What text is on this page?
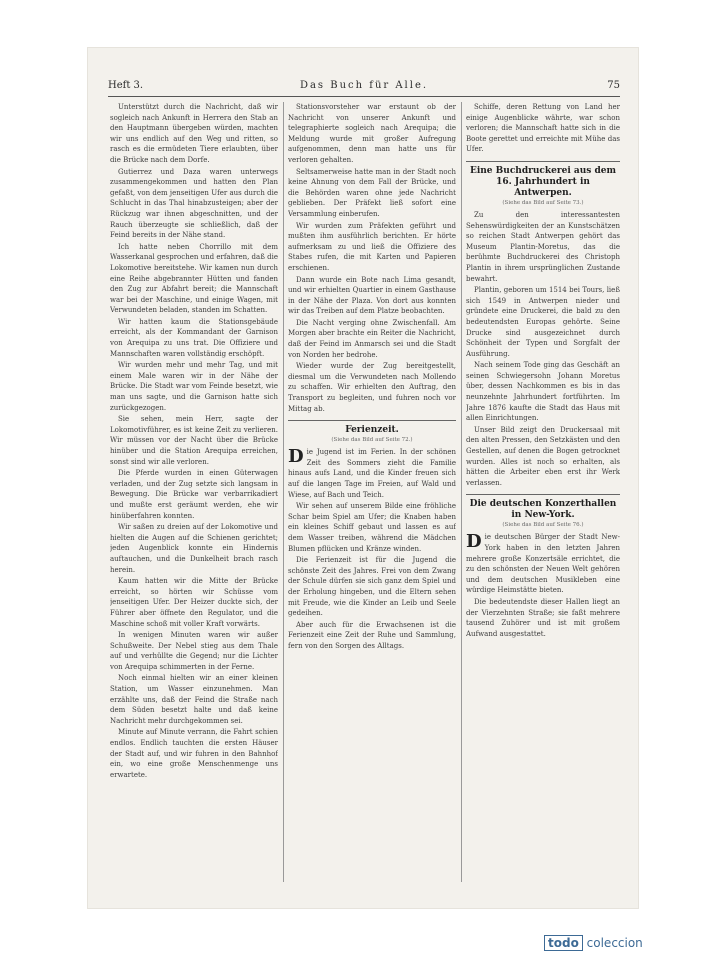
Heft 3.	Das Buch für Alle.	75

Unterstützt durch die Nachricht, daß wir sogleich nach Ankunft in Herrera den Stab an den Hauptmann übergeben würden, machten wir uns endlich auf den Weg und ritten, so rasch es die ermüdeten Tiere erlaubten, über die Brücke nach dem Dorfe.

Gutierrez und Daza waren unterwegs zusammengekommen und hatten den Plan gefaßt, von dem jenseitigen Ufer aus durch die Schlucht in das Thal hinabzusteigen; aber der Rückzug war ihnen abgeschnitten, und der Rauch überzeugte sie schließlich, daß der Feind bereits in der Nähe stand.

Ich hatte neben Chorrillo mit dem Wasserkanal gesprochen und erfahren, daß die Lokomotive bereitstehe. Wir kamen nun durch eine Reihe abgebrannter Hütten und fanden den Zug zur Abfahrt bereit; die Mannschaft war bei der Maschine, und einige Wagen, mit Verwundeten beladen, standen im Schatten.

Wir hatten kaum die Stationsgebäude erreicht, als der Kommandant der Garnison von Arequipa zu uns trat. Die Offiziere und Mannschaften waren vollständig erschöpft.

Wir wurden mehr und mehr Tag, und mit einem Male waren wir in der Nähe der Brücke. Die Stadt war vom Feinde besetzt, wie man uns sagte, und die Garnison hatte sich zurückgezogen.

Sie sehen, mein Herr, sagte der Lokomotivführer, es ist keine Zeit zu verlieren. Wir müssen vor der Nacht über die Brücke hinüber und die Station Arequipa erreichen, sonst sind wir alle verloren.

Die Pferde wurden in einen Güterwagen verladen, und der Zug setzte sich langsam in Bewegung. Die Brücke war verbarrikadiert und mußte erst geräumt werden, ehe wir hinüberfahren konnten.

Wir saßen zu dreien auf der Lokomotive und hielten die Augen auf die Schienen gerichtet; jeden Augenblick konnte ein Hindernis auftauchen, und die Dunkelheit brach rasch herein.

Kaum hatten wir die Mitte der Brücke erreicht, so hörten wir Schüsse vom jenseitigen Ufer. Der Heizer duckte sich, der Führer aber öffnete den Regulator, und die Maschine schoß mit voller Kraft vorwärts.

In wenigen Minuten waren wir außer Schußweite. Der Nebel stieg aus dem Thale auf und verhüllte die Gegend; nur die Lichter von Arequipa schimmerten in der Ferne.

Noch einmal hielten wir an einer kleinen Station, um Wasser einzunehmen. Man erzählte uns, daß der Feind die Straße nach dem Süden besetzt halte und daß keine Nachricht mehr durchgekommen sei.

Minute auf Minute verrann, die Fahrt schien endlos. Endlich tauchten die ersten Häuser der Stadt auf, und wir fuhren in den Bahnhof ein, wo eine große Menschenmenge uns erwartete.

Stationsvorsteher war erstaunt ob der Nachricht von unserer Ankunft und telegraphierte sogleich nach Arequipa; die Meldung wurde mit großer Aufregung aufgenommen, denn man hatte uns für verloren gehalten.

Seltsamerweise hatte man in der Stadt noch keine Ahnung von dem Fall der Brücke, und die Behörden waren ohne jede Nachricht geblieben. Der Präfekt ließ sofort eine Versammlung einberufen.

Wir wurden zum Präfekten geführt und mußten ihm ausführlich berichten. Er hörte aufmerksam zu und ließ die Offiziere des Stabes rufen, die mit Karten und Papieren erschienen.

Dann wurde ein Bote nach Lima gesandt, und wir erhielten Quartier in einem Gasthause in der Nähe der Plaza. Von dort aus konnten wir das Treiben auf dem Platze beobachten.

Die Nacht verging ohne Zwischenfall. Am Morgen aber brachte ein Reiter die Nachricht, daß der Feind im Anmarsch sei und die Stadt von Norden her bedrohe.

Wieder wurde der Zug bereitgestellt, diesmal um die Verwundeten nach Mollendo zu schaffen. Wir erhielten den Auftrag, den Transport zu begleiten, und fuhren noch vor Mittag ab.

Ferienzeit.
(Siehe das Bild auf Seite 72.)

Die Jugend ist im Ferien. In der schönen Zeit des Sommers zieht die Familie hinaus aufs Land, und die Kinder freuen sich auf die langen Tage im Freien, auf Wald und Wiese, auf Bach und Teich.

Wir sehen auf unserem Bilde eine fröhliche Schar beim Spiel am Ufer; die Knaben haben ein kleines Schiff gebaut und lassen es auf dem Wasser treiben, während die Mädchen Blumen pflücken und Kränze winden.

Die Ferienzeit ist für die Jugend die schönste Zeit des Jahres. Frei von dem Zwang der Schule dürfen sie sich ganz dem Spiel und der Erholung hingeben, und die Eltern sehen mit Freude, wie die Kinder an Leib und Seele gedeihen.

Aber auch für die Erwachsenen ist die Ferienzeit eine Zeit der Ruhe und Sammlung, fern von den Sorgen des Alltags.

Schiffe, deren Rettung von Land her einige Augenblicke währte, war schon verloren; die Mannschaft hatte sich in die Boote gerettet und erreichte mit Mühe das Ufer.

Eine Buchdruckerei aus dem 16. Jahrhundert in Antwerpen.
(Siehe das Bild auf Seite 73.)

Zu den interessantesten Sehenswürdigkeiten der an Kunstschätzen so reichen Stadt Antwerpen gehört das Museum Plantin-Moretus, das die berühmte Buchdruckerei des Christoph Plantin in ihrem ursprünglichen Zustande bewahrt.

Plantin, geboren um 1514 bei Tours, ließ sich 1549 in Antwerpen nieder und gründete eine Druckerei, die bald zu den bedeutendsten Europas gehörte. Seine Drucke sind ausgezeichnet durch Schönheit der Typen und Sorgfalt der Ausführung.

Nach seinem Tode ging das Geschäft an seinen Schwiegersohn Johann Moretus über, dessen Nachkommen es bis in das neunzehnte Jahrhundert fortführten. Im Jahre 1876 kaufte die Stadt das Haus mit allen Einrichtungen.

Unser Bild zeigt den Druckersaal mit den alten Pressen, den Setzkästen und den Gestellen, auf denen die Bogen getrocknet wurden. Alles ist noch so erhalten, als hätten die Arbeiter eben erst ihr Werk verlassen.

Die deutschen Konzerthallen in New-York.
(Siehe das Bild auf Seite 76.)

Die deutschen Bürger der Stadt New-York haben in den letzten Jahren mehrere große Konzertsäle errichtet, die zu den schönsten der Neuen Welt gehören und dem deutschen Musikleben eine würdige Heimstätte bieten.

Die bedeutendste dieser Hallen liegt an der Vierzehnten Straße; sie faßt mehrere tausend Zuhörer und ist mit großem Aufwand ausgestattet.

todo coleccion
